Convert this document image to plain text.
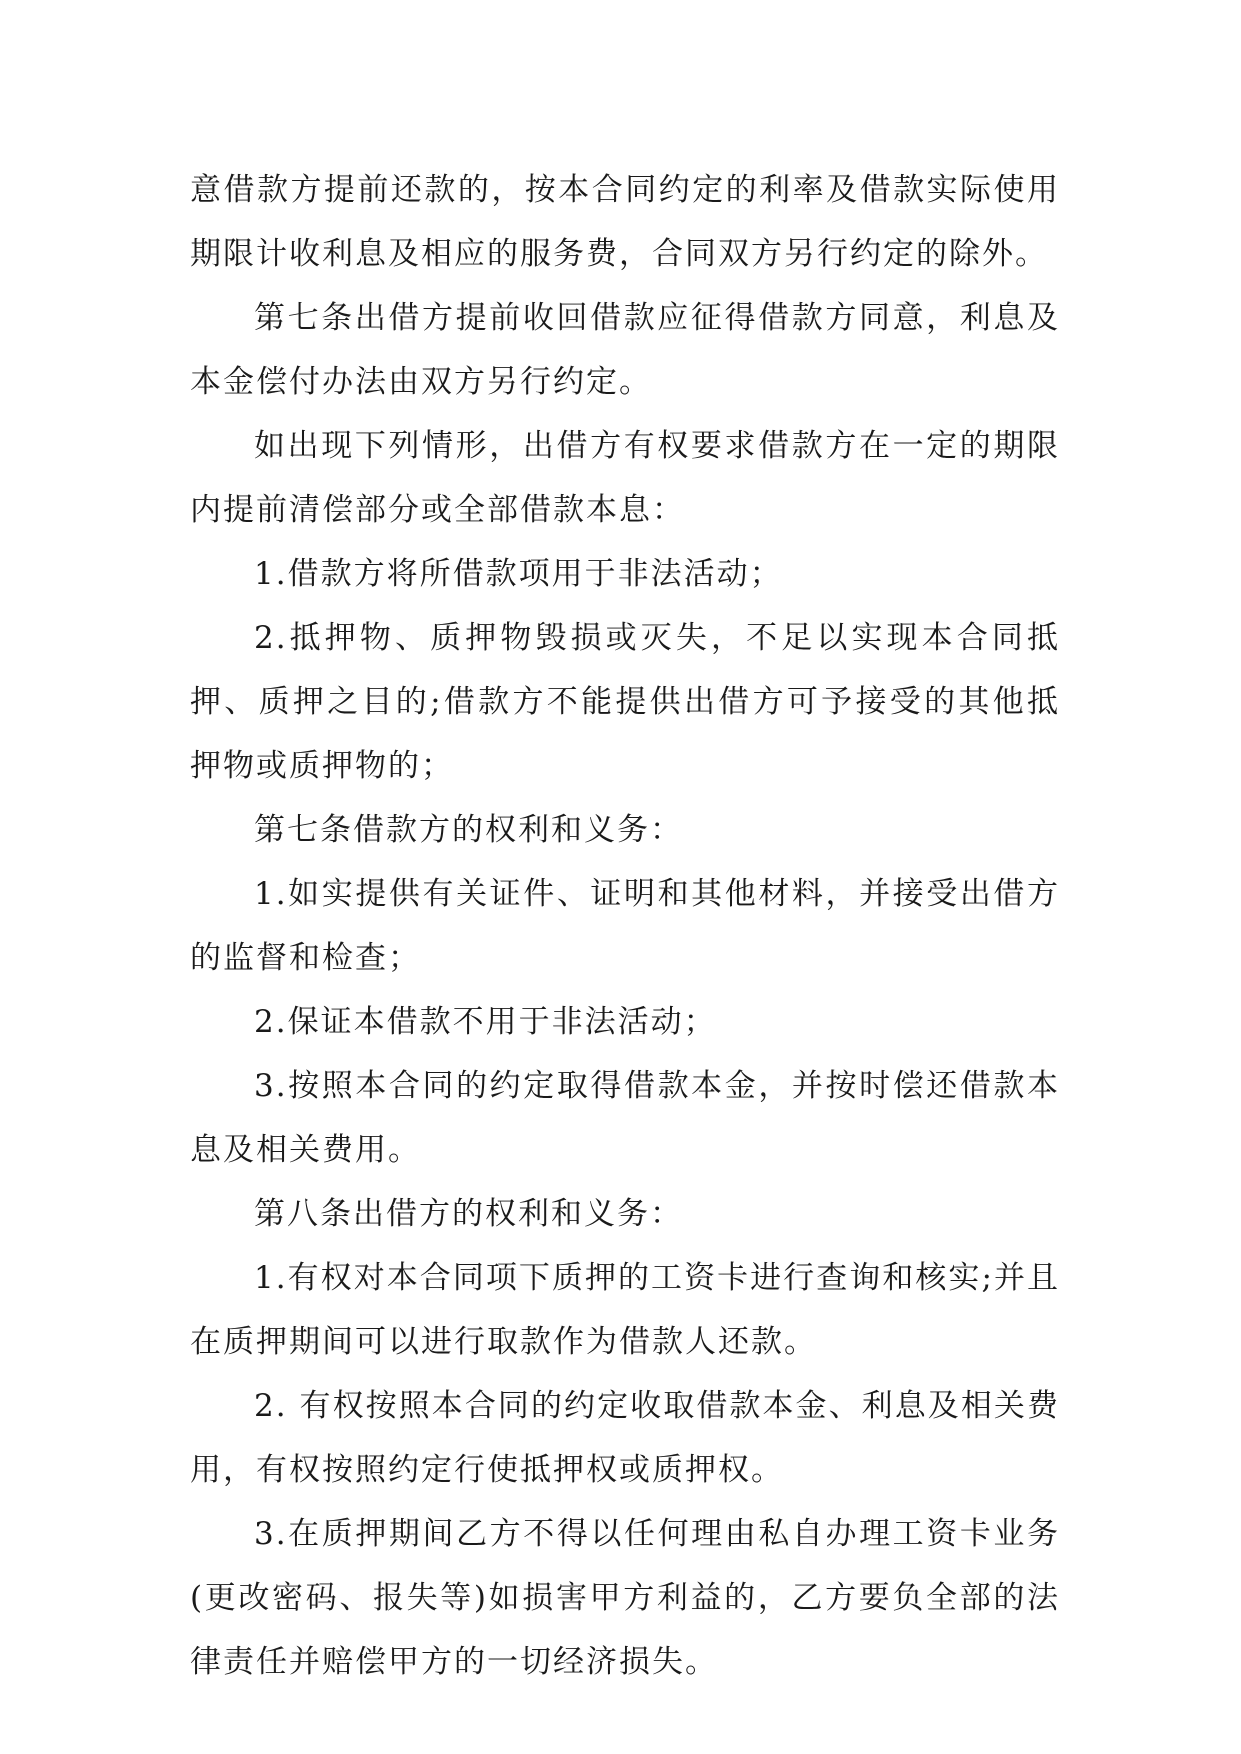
意借款方提前还款的，按本合同约定的利率及借款实际使用期限计收利息及相应的服务费，合同双方另行约定的除外。

第七条出借方提前收回借款应征得借款方同意，利息及本金偿付办法由双方另行约定。

如出现下列情形，出借方有权要求借款方在一定的期限内提前清偿部分或全部借款本息：

1.借款方将所借款项用于非法活动；

2.抵押物、质押物毁损或灭失，不足以实现本合同抵押、质押之目的;借款方不能提供出借方可予接受的其他抵押物或质押物的；

第七条借款方的权利和义务：

1.如实提供有关证件、证明和其他材料，并接受出借方的监督和检查；

2.保证本借款不用于非法活动；

3.按照本合同的约定取得借款本金，并按时偿还借款本息及相关费用。

第八条出借方的权利和义务：

1.有权对本合同项下质押的工资卡进行查询和核实;并且在质押期间可以进行取款作为借款人还款。

2. 有权按照本合同的约定收取借款本金、利息及相关费用，有权按照约定行使抵押权或质押权。

3.在质押期间乙方不得以任何理由私自办理工资卡业务(更改密码、报失等)如损害甲方利益的，乙方要负全部的法律责任并赔偿甲方的一切经济损失。
